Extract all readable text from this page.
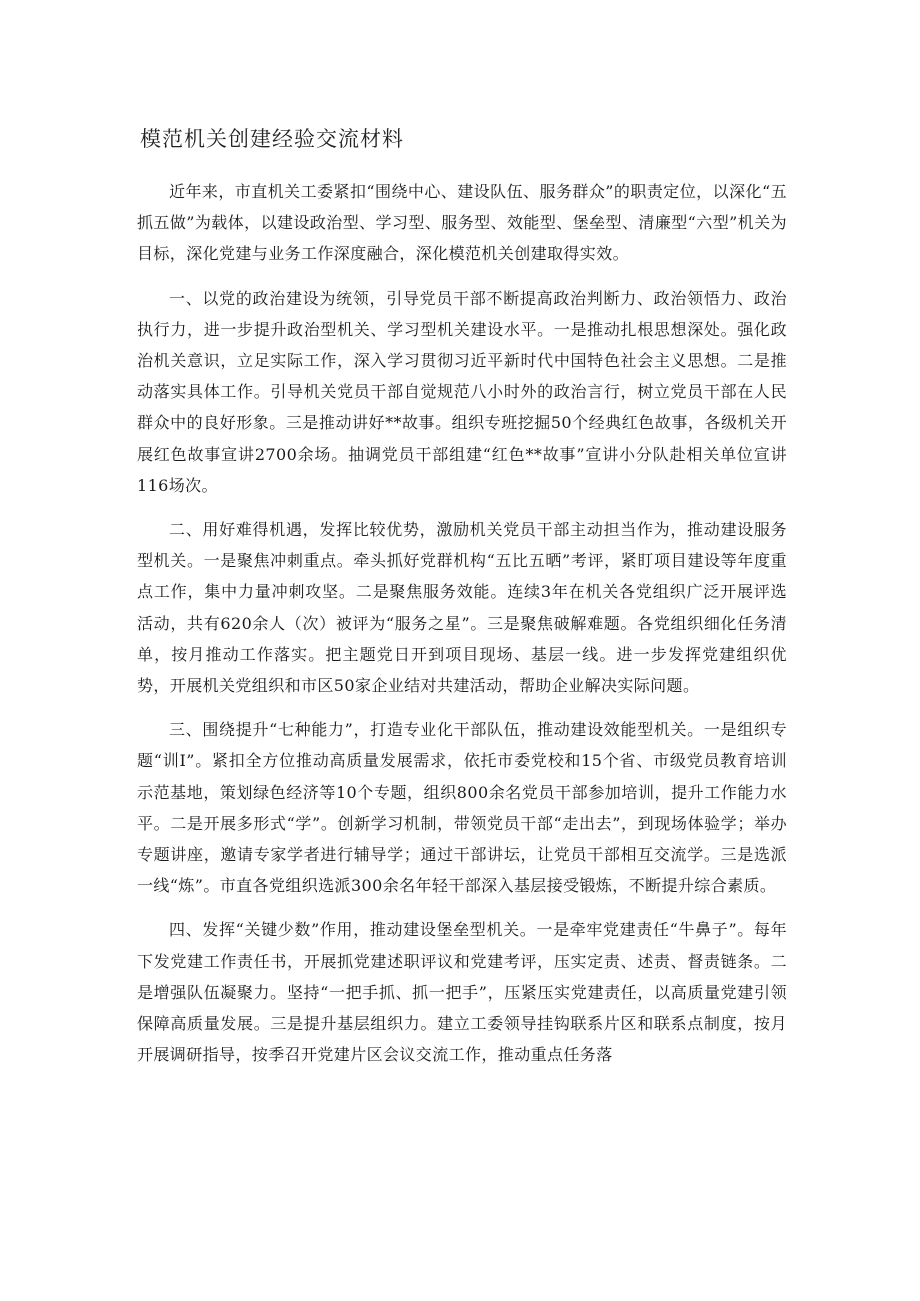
模范机关创建经验交流材料

近年来，市直机关工委紧扣“围绕中心、建设队伍、服务群众”的职责定位，以深化“五抓五做”为载体，以建设政治型、学习型、服务型、效能型、堡垒型、清廉型“六型”机关为目标，深化党建与业务工作深度融合，深化模范机关创建取得实效。

一、以党的政治建设为统领，引导党员干部不断提高政治判断力、政治领悟力、政治执行力，进一步提升政治型机关、学习型机关建设水平。一是推动扎根思想深处。强化政治机关意识，立足实际工作，深入学习贯彻习近平新时代中国特色社会主义思想。二是推动落实具体工作。引导机关党员干部自觉规范八小时外的政治言行，树立党员干部在人民群众中的良好形象。三是推动讲好**故事。组织专班挖掘50个经典红色故事，各级机关开展红色故事宣讲2700余场。抽调党员干部组建“红色**故事”宣讲小分队赴相关单位宣讲116场次。

二、用好难得机遇，发挥比较优势，激励机关党员干部主动担当作为，推动建设服务型机关。一是聚焦冲刺重点。牵头抓好党群机构“五比五晒”考评，紧盯项目建设等年度重点工作，集中力量冲刺攻坚。二是聚焦服务效能。连续3年在机关各党组织广泛开展评选活动，共有620余人（次）被评为“服务之星”。三是聚焦破解难题。各党组织细化任务清单，按月推动工作落实。把主题党日开到项目现场、基层一线。进一步发挥党建组织优势，开展机关党组织和市区50家企业结对共建活动，帮助企业解决实际问题。

三、围绕提升“七种能力”，打造专业化干部队伍，推动建设效能型机关。一是组织专题“训I”。紧扣全方位推动高质量发展需求，依托市委党校和15个省、市级党员教育培训示范基地，策划绿色经济等10个专题，组织800余名党员干部参加培训，提升工作能力水平。二是开展多形式“学”。创新学习机制，带领党员干部“走出去”，到现场体验学；举办专题讲座，邀请专家学者进行辅导学；通过干部讲坛，让党员干部相互交流学。三是选派一线“炼”。市直各党组织选派300余名年轻干部深入基层接受锻炼，不断提升综合素质。

四、发挥“关键少数”作用，推动建设堡垒型机关。一是牵牢党建责任“牛鼻子”。每年下发党建工作责任书，开展抓党建述职评议和党建考评，压实定责、述责、督责链条。二是增强队伍凝聚力。坚持“一把手抓、抓一把手”，压紧压实党建责任，以高质量党建引领保障高质量发展。三是提升基层组织力。建立工委领导挂钩联系片区和联系点制度，按月开展调研指导，按季召开党建片区会议交流工作，推动重点任务落
